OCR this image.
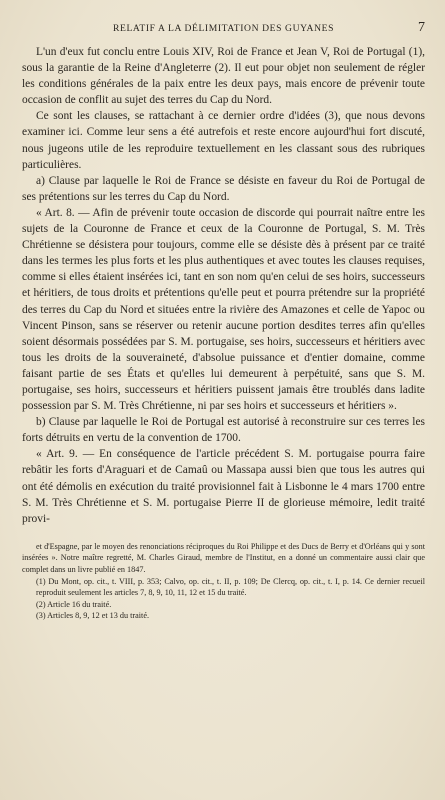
RELATIF A LA DÉLIMITATION DES GUYANES	7

L'un d'eux fut conclu entre Louis XIV, Roi de France et Jean V, Roi de Portugal (1), sous la garantie de la Reine d'Angleterre (2). Il eut pour objet non seulement de régler les conditions générales de la paix entre les deux pays, mais encore de prévenir toute occasion de conflit au sujet des terres du Cap du Nord.

Ce sont les clauses, se rattachant à ce dernier ordre d'idées (3), que nous devons examiner ici. Comme leur sens a été autrefois et reste encore aujourd'hui fort discuté, nous jugeons utile de les reproduire textuellement en les classant sous des rubriques particulières.

a) Clause par laquelle le Roi de France se désiste en faveur du Roi de Portugal de ses prétentions sur les terres du Cap du Nord.

« Art. 8. — Afin de prévenir toute occasion de discorde qui pourrait naître entre les sujets de la Couronne de France et ceux de la Couronne de Portugal, S. M. Très Chrétienne se désistera pour toujours, comme elle se désiste dès à présent par ce traité dans les termes les plus forts et les plus authentiques et avec toutes les clauses requises, comme si elles étaient insérées ici, tant en son nom qu'en celui de ses hoirs, successeurs et héritiers, de tous droits et prétentions qu'elle peut et pourra prétendre sur la propriété des terres du Cap du Nord et situées entre la rivière des Amazones et celle de Yapoc ou Vincent Pinson, sans se réserver ou retenir aucune portion desdites terres afin qu'elles soient désormais possédées par S. M. portugaise, ses hoirs, successeurs et héritiers avec tous les droits de la souveraineté, d'absolue puissance et d'entier domaine, comme faisant partie de ses États et qu'elles lui demeurent à perpétuité, sans que S. M. portugaise, ses hoirs, successeurs et héritiers puissent jamais être troublés dans ladite possession par S. M. Très Chrétienne, ni par ses hoirs et successeurs et héritiers ».

b) Clause par laquelle le Roi de Portugal est autorisé à reconstruire sur ces terres les forts détruits en vertu de la convention de 1700.

« Art. 9. — En conséquence de l'article précédent S. M. portugaise pourra faire rebâtir les forts d'Araguari et de Camaû ou Massapa aussi bien que tous les autres qui ont été démolis en exécution du traité provisionnel fait à Lisbonne le 4 mars 1700 entre S. M. Très Chrétienne et S. M. portugaise Pierre II de glorieuse mémoire, ledit traité provi-

et d'Espagne, par le moyen des renonciations réciproques du Roi Philippe et des Ducs de Berry et d'Orléans qui y sont insérées ». Notre maître regretté, M. Charles Giraud, membre de l'Institut, en a donné un commentaire aussi clair que complet dans un livre publié en 1847.

(1) Du Mont, op. cit., t. VIII, p. 353; Calvo, op. cit., t. II, p. 109; De Clercq, op. cit., t. I, p. 14. Ce dernier recueil reproduit seulement les articles 7, 8, 9, 10, 11, 12 et 15 du traité.

(2) Article 16 du traité.

(3) Articles 8, 9, 12 et 13 du traité.
